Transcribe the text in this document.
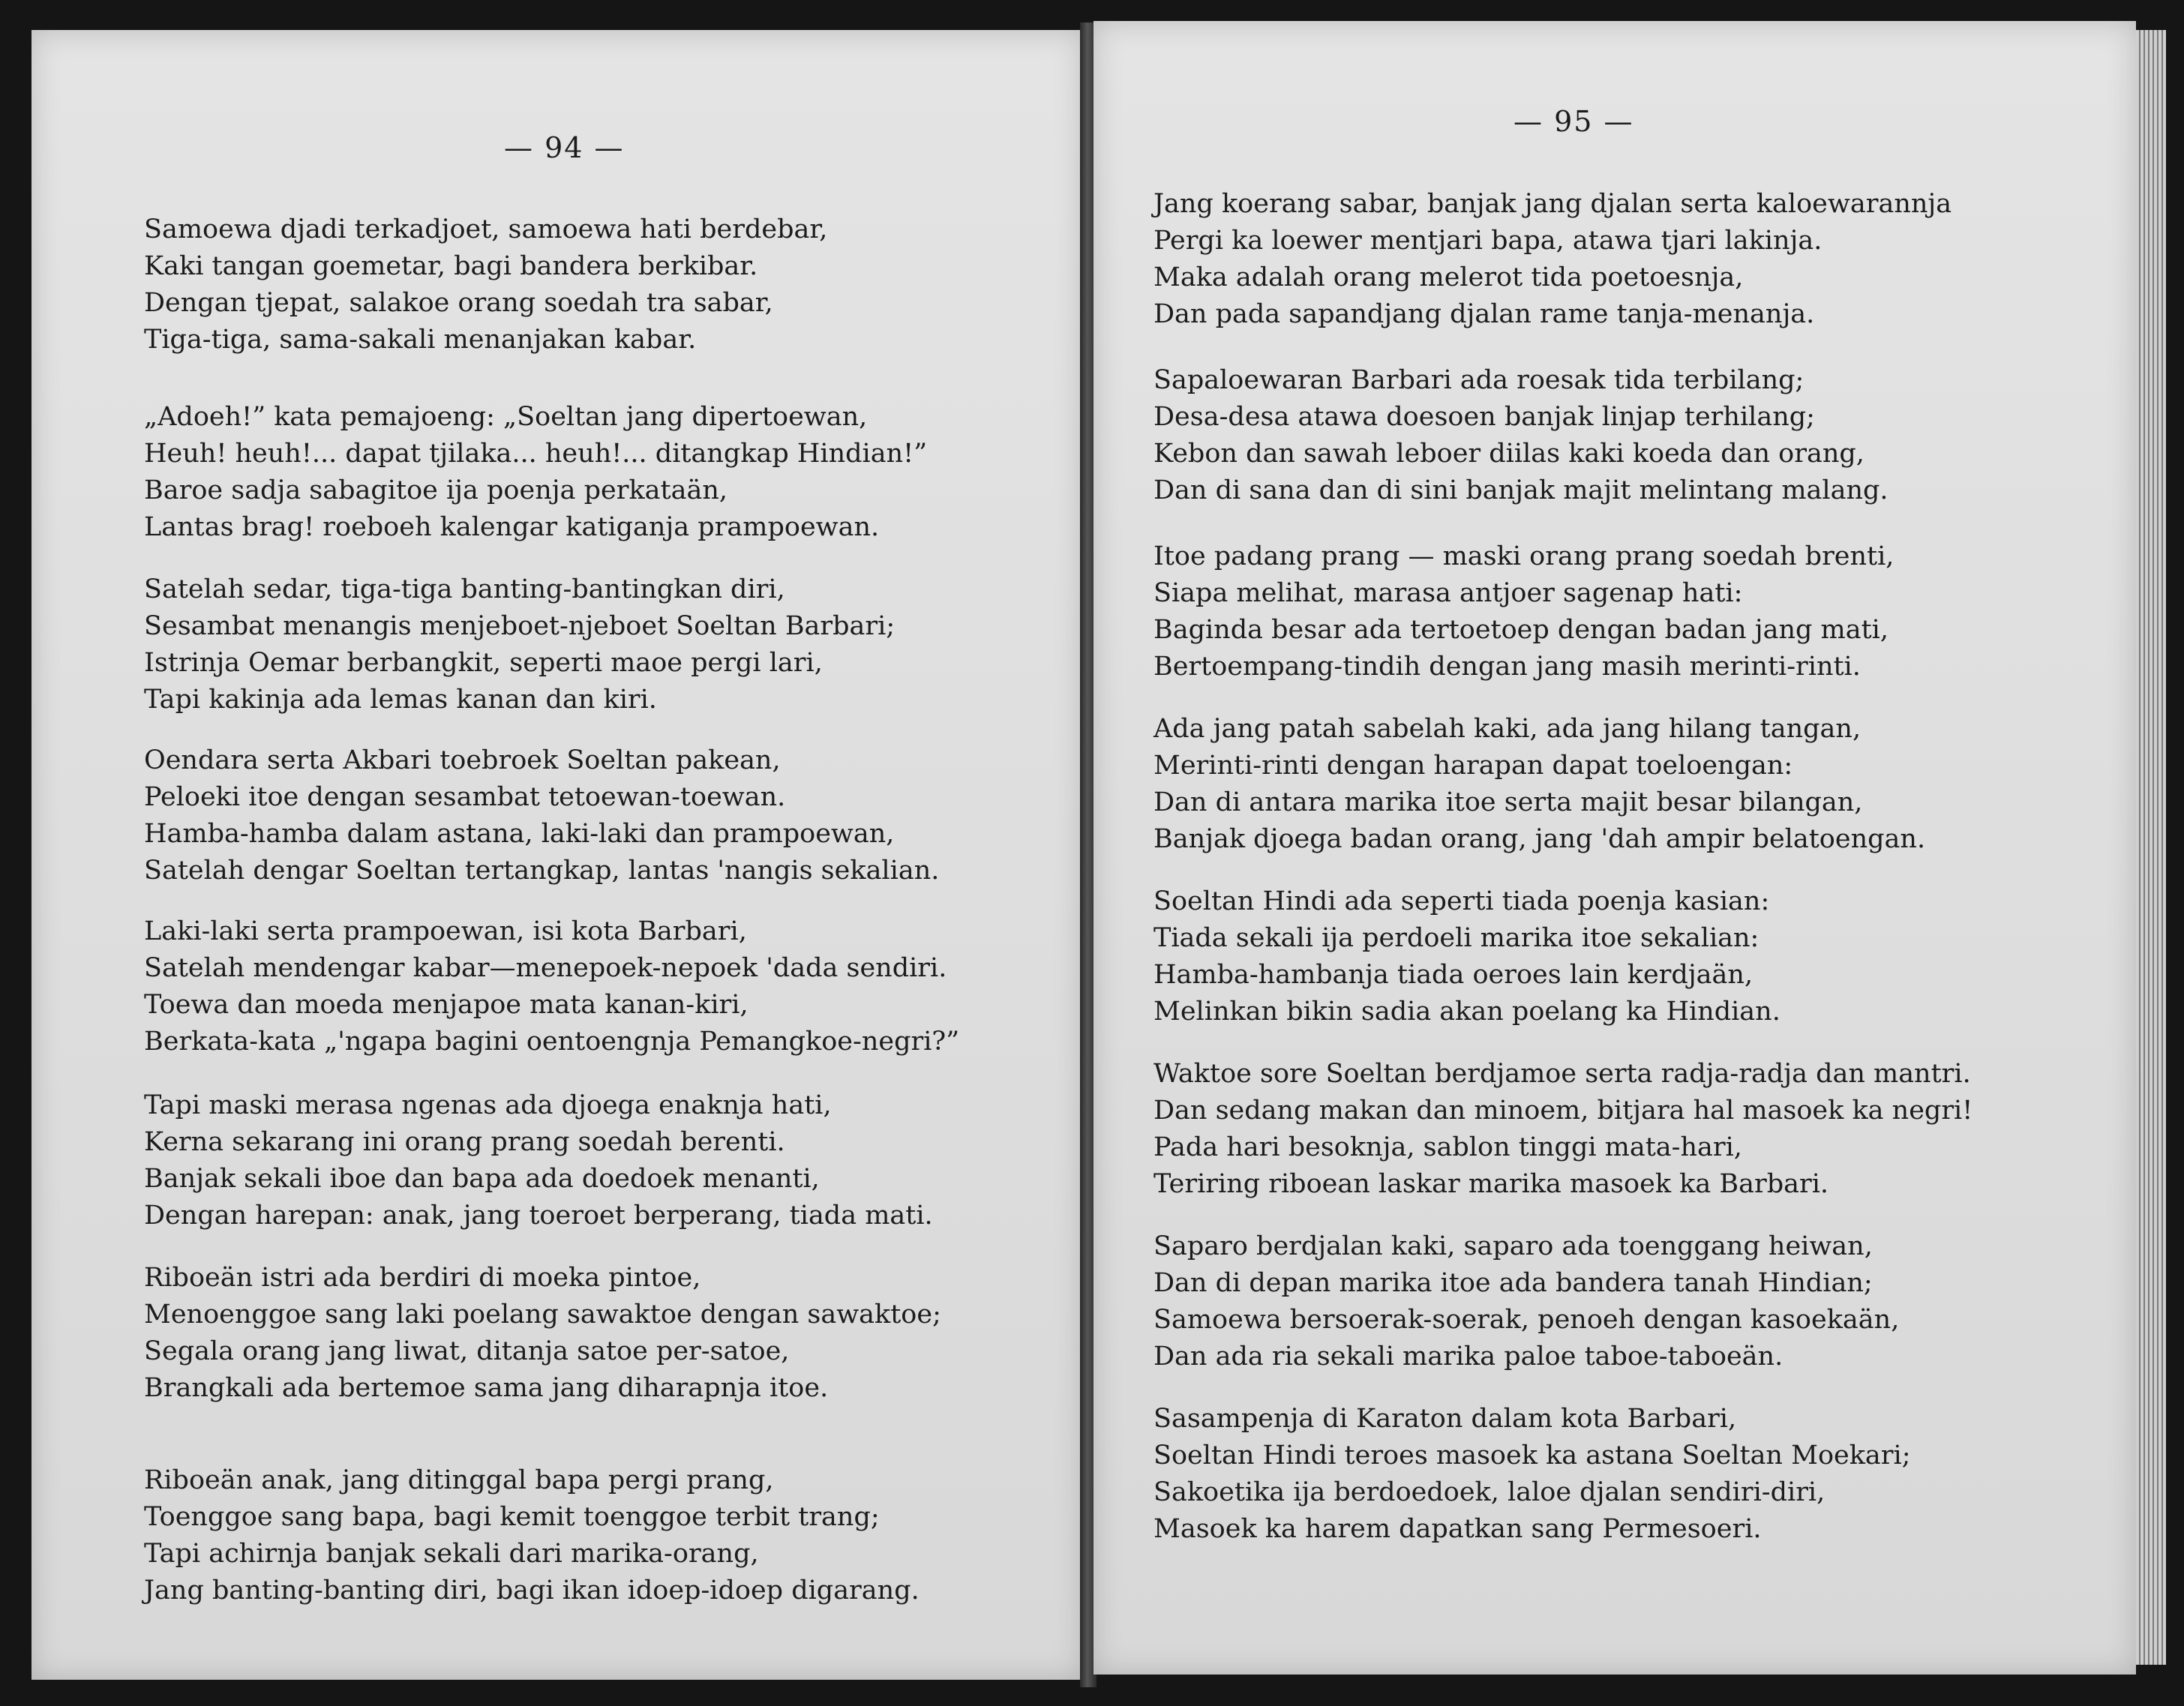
— 94 —
Samoewa djadi terkadjoet, samoewa hati berdebar,
Kaki tangan goemetar, bagi bandera berkibar.
Dengan tjepat, salakoe orang soedah tra sabar,
Tiga-tiga, sama-sakali menanjakan kabar.
„Adoeh!” kata pemajoeng: „Soeltan jang dipertoewan,
Heuh! heuh!... dapat tjilaka... heuh!... ditangkap Hindian!”
Baroe sadja sabagitoe ija poenja perkataän,
Lantas brag! roeboeh kalengar katiganja prampoewan.
Satelah sedar, tiga-tiga banting-bantingkan diri,
Sesambat menangis menjeboet-njeboet Soeltan Barbari;
Istrinja Oemar berbangkit, seperti maoe pergi lari,
Tapi kakinja ada lemas kanan dan kiri.
Oendara serta Akbari toebroek Soeltan pakean,
Peloeki itoe dengan sesambat tetoewan-toewan.
Hamba-hamba dalam astana, laki-laki dan prampoewan,
Satelah dengar Soeltan tertangkap, lantas 'nangis sekalian.
Laki-laki serta prampoewan, isi kota Barbari,
Satelah mendengar kabar—menepoek-nepoek 'dada sendiri.
Toewa dan moeda menjapoe mata kanan-kiri,
Berkata-kata „'ngapa bagini oentoengnja Pemangkoe-negri?”
Tapi maski merasa ngenas ada djoega enaknja hati,
Kerna sekarang ini orang prang soedah berenti.
Banjak sekali iboe dan bapa ada doedoek menanti,
Dengan harepan: anak, jang toeroet berperang, tiada mati.
Riboeän istri ada berdiri di moeka pintoe,
Menoenggoe sang laki poelang sawaktoe dengan sawaktoe;
Segala orang jang liwat, ditanja satoe per-satoe,
Brangkali ada bertemoe sama jang diharapnja itoe.
Riboeän anak, jang ditinggal bapa pergi prang,
Toenggoe sang bapa, bagi kemit toenggoe terbit trang;
Tapi achirnja banjak sekali dari marika-orang,
Jang banting-banting diri, bagi ikan idoep-idoep digarang.
— 95 —
Jang koerang sabar, banjak jang djalan serta kaloewarannja
Pergi ka loewer mentjari bapa, atawa tjari lakinja.
Maka adalah orang melerot tida poetoesnja,
Dan pada sapandjang djalan rame tanja-menanja.
Sapaloewaran Barbari ada roesak tida terbilang;
Desa-desa atawa doesoen banjak linjap terhilang;
Kebon dan sawah leboer diilas kaki koeda dan orang,
Dan di sana dan di sini banjak majit melintang malang.
Itoe padang prang — maski orang prang soedah brenti,
Siapa melihat, marasa antjoer sagenap hati:
Baginda besar ada tertoetoep dengan badan jang mati,
Bertoempang-tindih dengan jang masih merinti-rinti.
Ada jang patah sabelah kaki, ada jang hilang tangan,
Merinti-rinti dengan harapan dapat toeloengan:
Dan di antara marika itoe serta majit besar bilangan,
Banjak djoega badan orang, jang 'dah ampir belatoengan.
Soeltan Hindi ada seperti tiada poenja kasian:
Tiada sekali ija perdoeli marika itoe sekalian:
Hamba-hambanja tiada oeroes lain kerdjaän,
Melinkan bikin sadia akan poelang ka Hindian.
Waktoe sore Soeltan berdjamoe serta radja-radja dan mantri.
Dan sedang makan dan minoem, bitjara hal masoek ka negri!
Pada hari besoknja, sablon tinggi mata-hari,
Teriring riboean laskar marika masoek ka Barbari.
Saparo berdjalan kaki, saparo ada toenggang heiwan,
Dan di depan marika itoe ada bandera tanah Hindian;
Samoewa bersoerak-soerak, penoeh dengan kasoekaän,
Dan ada ria sekali marika paloe taboe-taboeän.
Sasampenja di Karaton dalam kota Barbari,
Soeltan Hindi teroes masoek ka astana Soeltan Moekari;
Sakoetika ija berdoedoek, laloe djalan sendiri-diri,
Masoek ka harem dapatkan sang Permesoeri.
